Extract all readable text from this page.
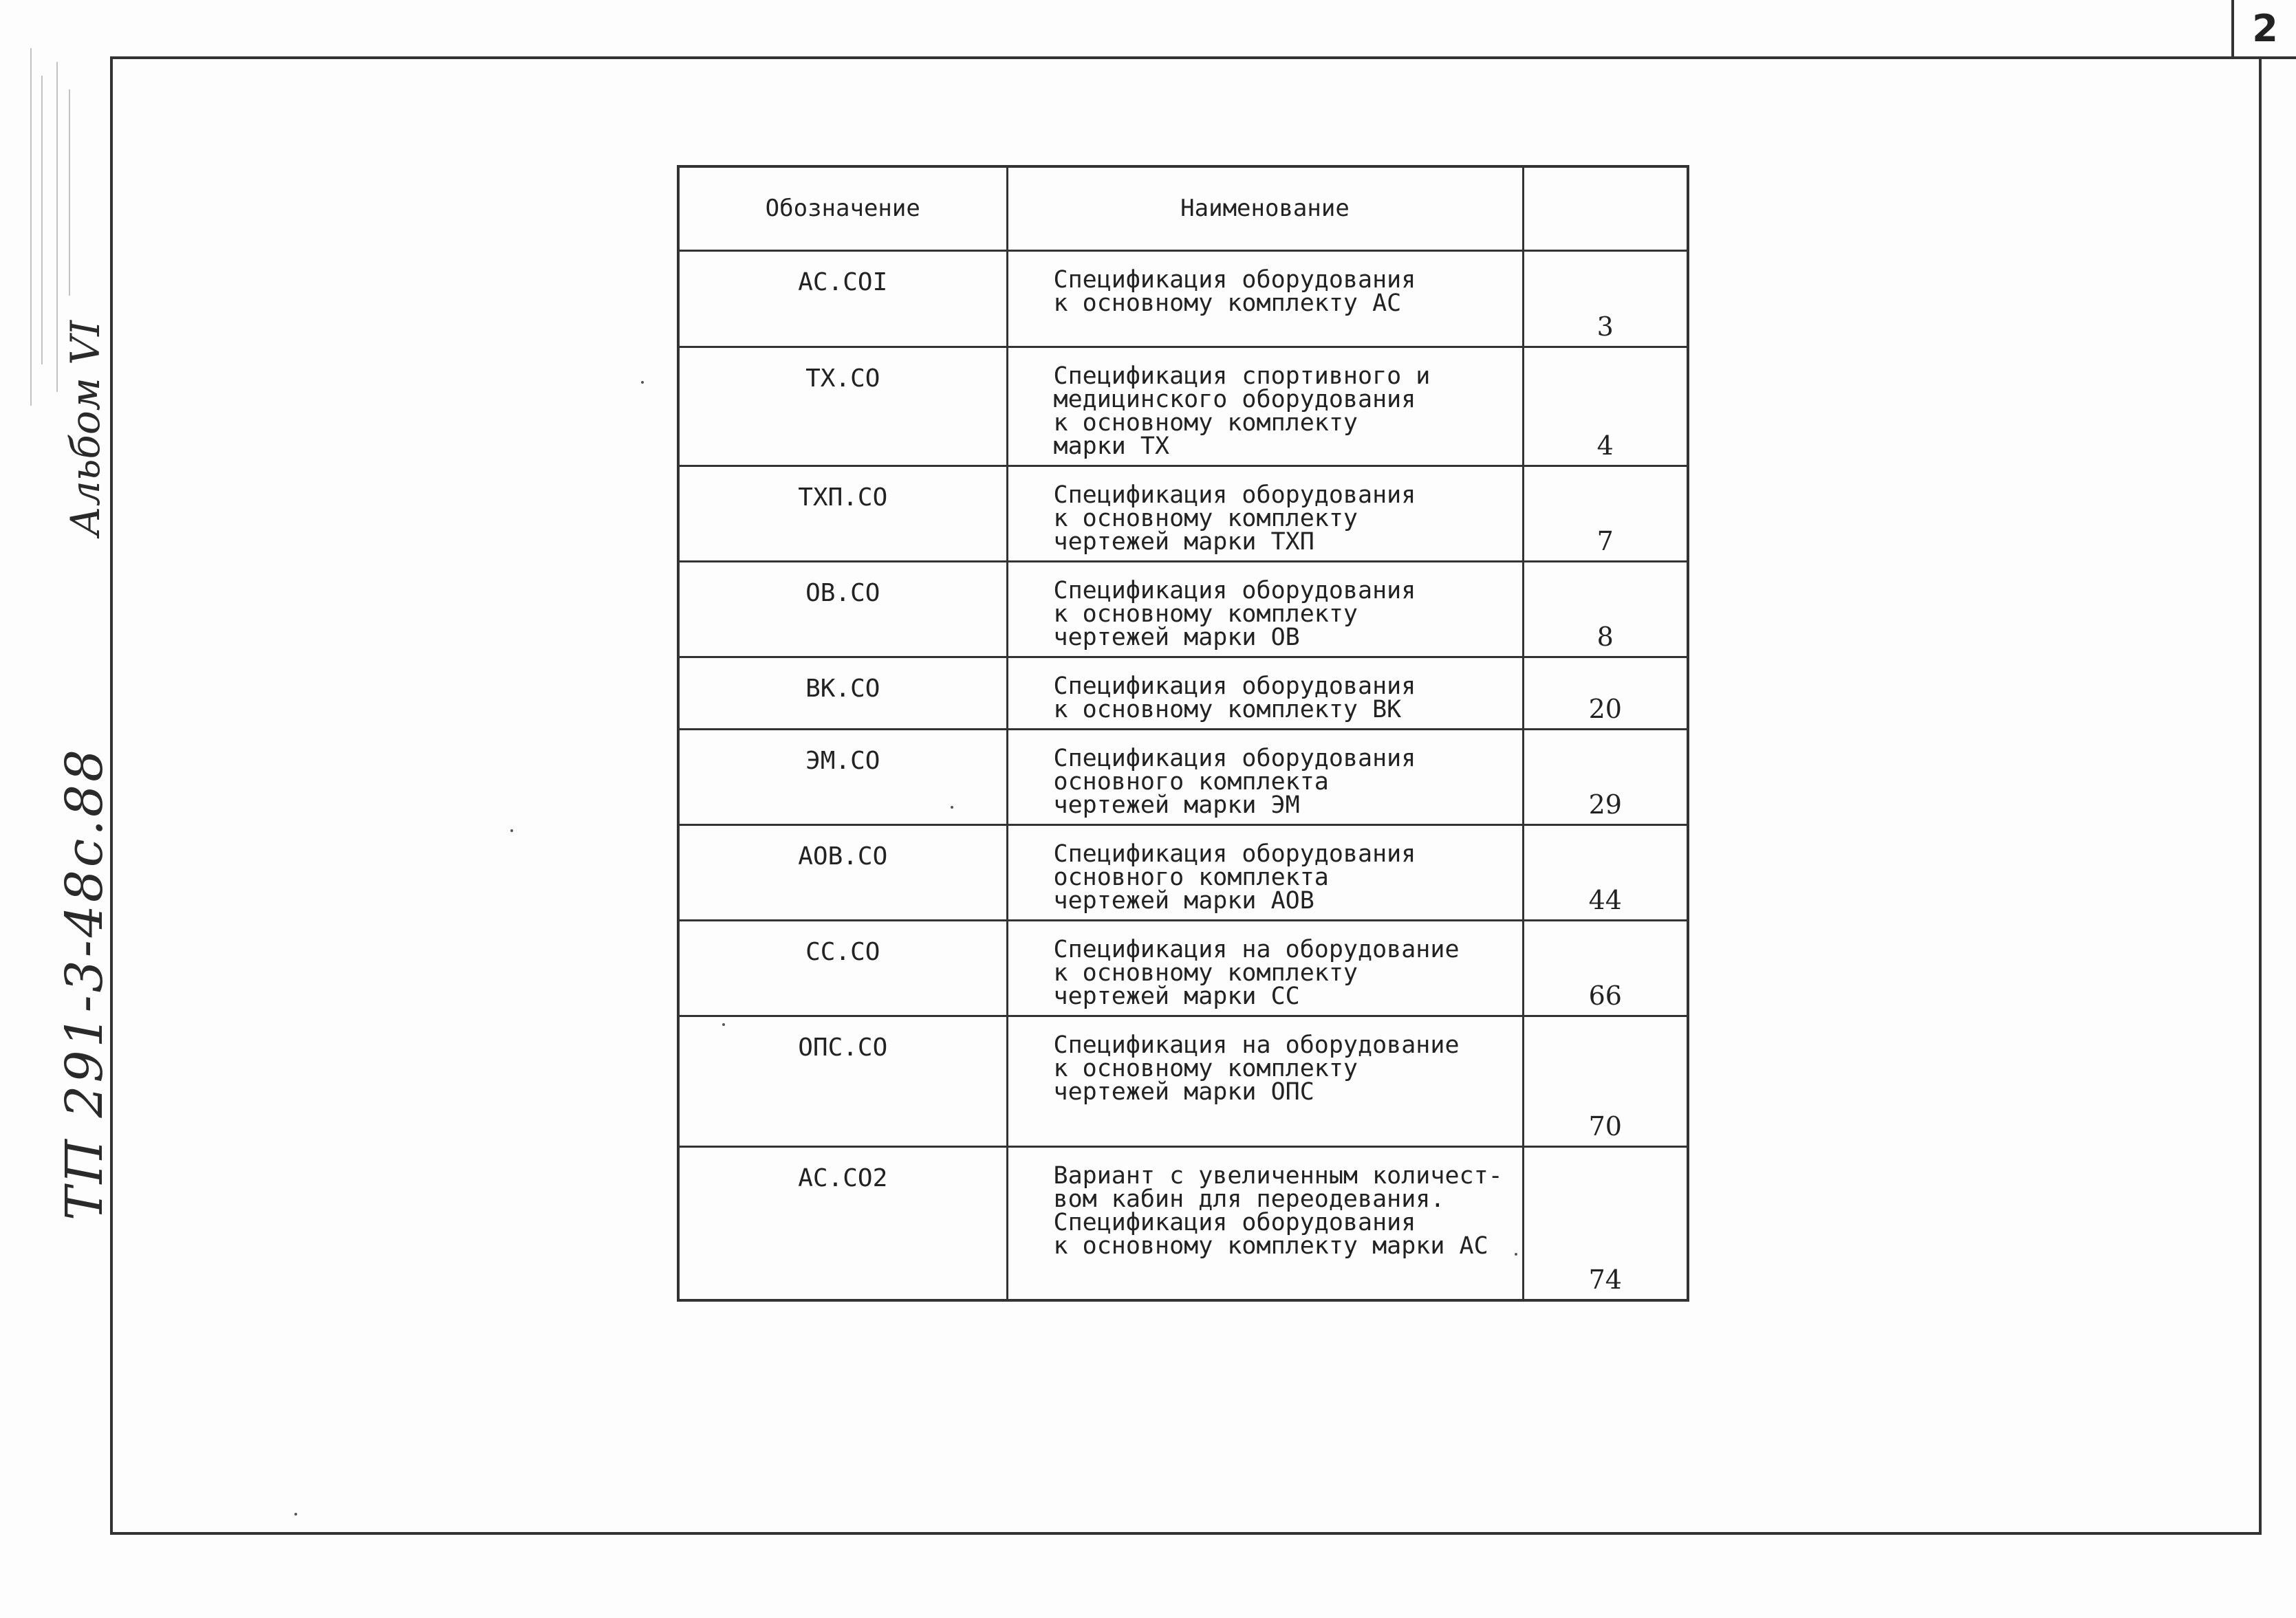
2
Альбом VI
ТП 291-3-48с.88
Обозначение	Наименование	
АС.СОI	Спецификация оборудования
к основному комплекту АС	3
ТХ.СО	Спецификация спортивного и
медицинского оборудования
к основному комплекту
марки ТХ	4
ТХП.СО	Спецификация оборудования
к основному комплекту
чертежей марки ТХП	7
ОВ.СО	Спецификация оборудования
к основному комплекту
чертежей марки ОВ	8
ВК.СО	Спецификация оборудования
к основному комплекту ВК	20
ЭМ.СО	Спецификация оборудования
основного комплекта
чертежей марки ЭМ	29
АОВ.СО	Спецификация оборудования
основного комплекта
чертежей марки АОВ	44
СС.СО	Спецификация на оборудование
к основному комплекту
чертежей марки СС	66
ОПС.СО	Спецификация на оборудование
к основному комплекту
чертежей марки ОПС	70
АС.СО2	Вариант с увеличенным количест-
вом кабин для переодевания.
Спецификация оборудования
к основному комплекту марки АС	74
